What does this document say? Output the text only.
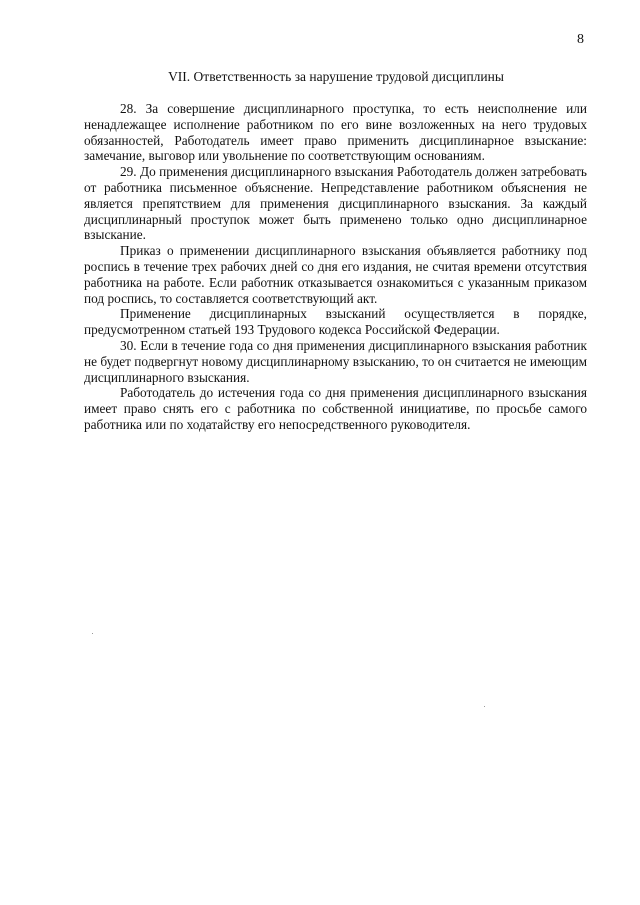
8
VII. Ответственность за нарушение трудовой дисциплины

28. За совершение дисциплинарного проступка, то есть неисполнение или ненадлежащее исполнение работником по его вине возложенных на него трудовых обязанностей, Работодатель имеет право применить дисциплинарное взыскание: замечание, выговор или увольнение по соответствующим основаниям.

29. До применения дисциплинарного взыскания Работодатель должен затребовать от работника письменное объяснение. Непредставление работником объяснения не является препятствием для применения дисциплинарного взыскания. За каждый дисциплинарный проступок может быть применено только одно дисциплинарное взыскание.

Приказ о применении дисциплинарного взыскания объявляется работнику под роспись в течение трех рабочих дней со дня его издания, не считая времени отсутствия работника на работе. Если работник отказывается ознакомиться с указанным приказом под роспись, то составляется соответствующий акт.

Применение дисциплинарных взысканий осуществляется в порядке, предусмотренном статьей 193 Трудового кодекса Российской Федерации.

30. Если в течение года со дня применения дисциплинарного взыскания работник не будет подвергнут новому дисциплинарному взысканию, то он считается не имеющим дисциплинарного взыскания.

Работодатель до истечения года со дня применения дисциплинарного взыскания имеет право снять его с работника по собственной инициативе, по просьбе самого работника или по ходатайству его непосредственного руководителя.
